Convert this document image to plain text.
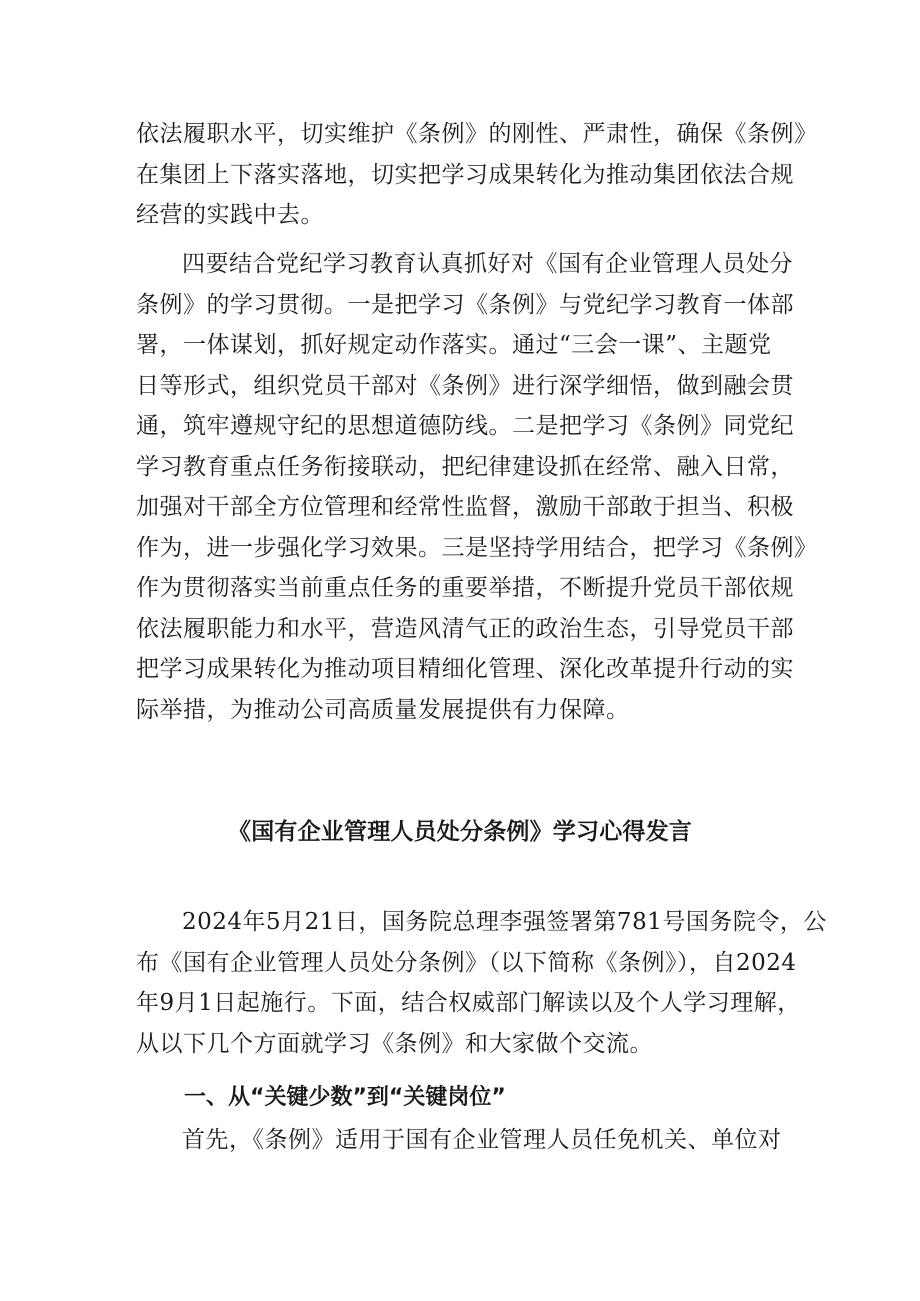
依法履职水平，切实维护《条例》的刚性、严肃性，确保《条例》
在集团上下落实落地，切实把学习成果转化为推动集团依法合规
经营的实践中去。

四要结合党纪学习教育认真抓好对《国有企业管理人员处分
条例》的学习贯彻。一是把学习《条例》与党纪学习教育一体部
署，一体谋划，抓好规定动作落实。通过“三会一课”、主题党
日等形式，组织党员干部对《条例》进行深学细悟，做到融会贯
通，筑牢遵规守纪的思想道德防线。二是把学习《条例》同党纪
学习教育重点任务衔接联动，把纪律建设抓在经常、融入日常，
加强对干部全方位管理和经常性监督，激励干部敢于担当、积极
作为，进一步强化学习效果。三是坚持学用结合，把学习《条例》
作为贯彻落实当前重点任务的重要举措，不断提升党员干部依规
依法履职能力和水平，营造风清气正的政治生态，引导党员干部
把学习成果转化为推动项目精细化管理、深化改革提升行动的实
际举措，为推动公司高质量发展提供有力保障。

《国有企业管理人员处分条例》学习心得发言

2024年5月21日，国务院总理李强签署第781号国务院令，公
布《国有企业管理人员处分条例》（以下简称《条例》），自2024
年9月1日起施行。下面，结合权威部门解读以及个人学习理解，
从以下几个方面就学习《条例》和大家做个交流。

一、从“关键少数”到“关键岗位”

首先，《条例》适用于国有企业管理人员任免机关、单位对
